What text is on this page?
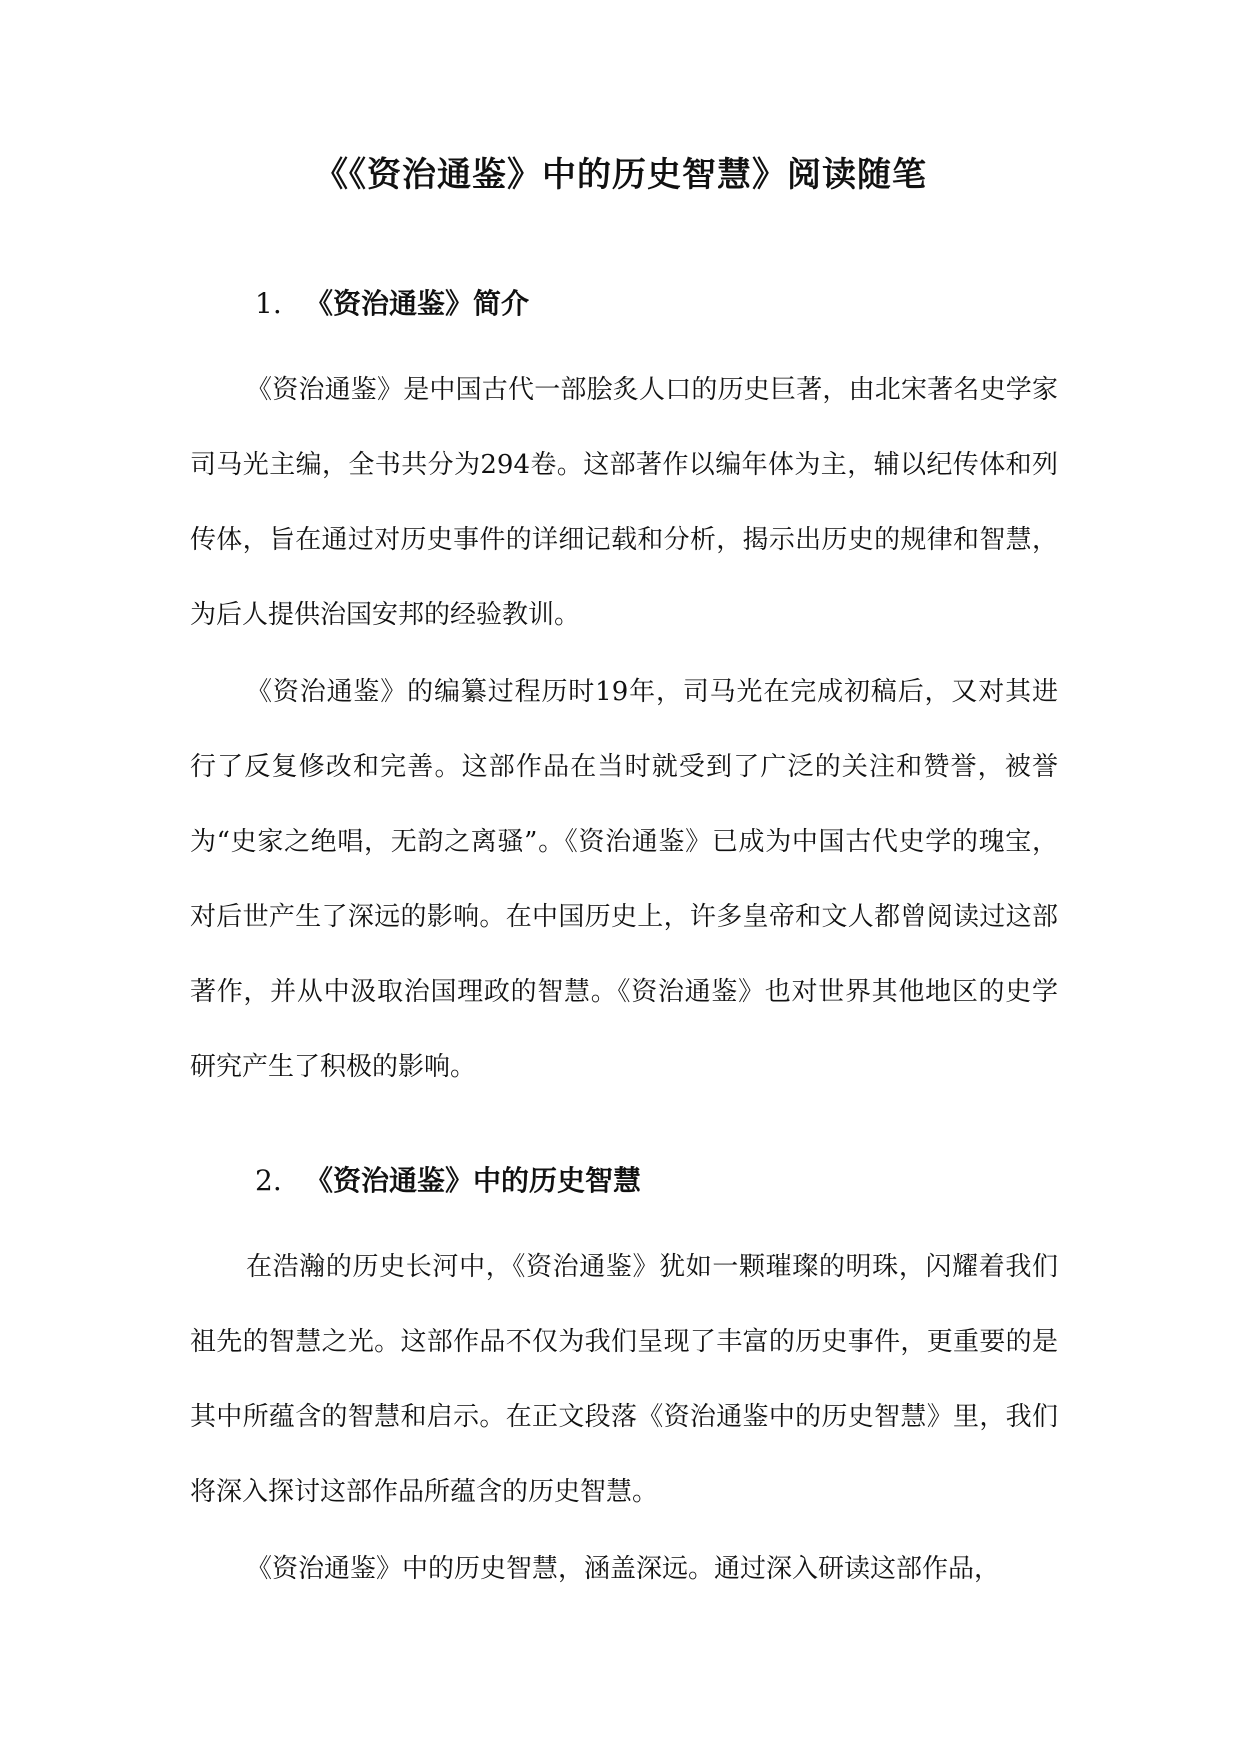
《《资治通鉴》中的历史智慧》阅读随笔
1. 《资治通鉴》简介

《资治通鉴》是中国古代一部脍炙人口的历史巨著，由北宋著名史学家司马光主编，全书共分为294卷。这部著作以编年体为主，辅以纪传体和列传体，旨在通过对历史事件的详细记载和分析，揭示出历史的规律和智慧，为后人提供治国安邦的经验教训。

《资治通鉴》的编纂过程历时19年，司马光在完成初稿后，又对其进行了反复修改和完善。这部作品在当时就受到了广泛的关注和赞誉，被誉为“史家之绝唱，无韵之离骚”。《资治通鉴》已成为中国古代史学的瑰宝，对后世产生了深远的影响。在中国历史上，许多皇帝和文人都曾阅读过这部著作，并从中汲取治国理政的智慧。《资治通鉴》也对世界其他地区的史学研究产生了积极的影响。

2. 《资治通鉴》中的历史智慧

在浩瀚的历史长河中，《资治通鉴》犹如一颗璀璨的明珠，闪耀着我们祖先的智慧之光。这部作品不仅为我们呈现了丰富的历史事件，更重要的是其中所蕴含的智慧和启示。在正文段落《资治通鉴中的历史智慧》里，我们将深入探讨这部作品所蕴含的历史智慧。

《资治通鉴》中的历史智慧，涵盖深远。通过深入研读这部作品，
